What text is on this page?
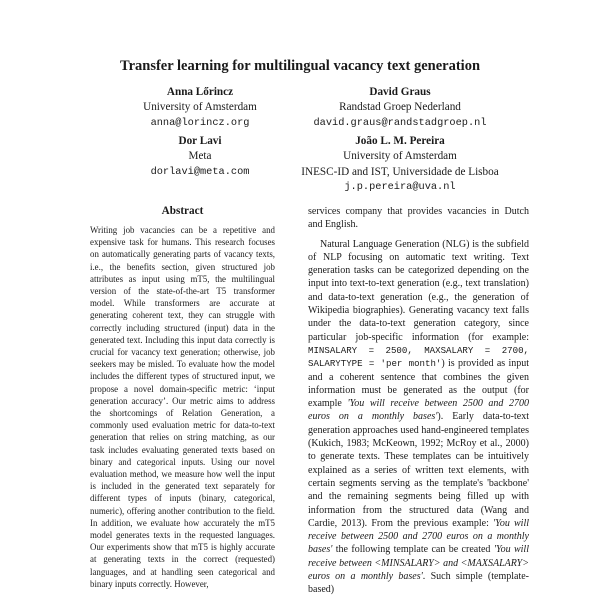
Transfer learning for multilingual vacancy text generation
Anna Lőrincz
University of Amsterdam
anna@lorincz.org
David Graus
Randstad Groep Nederland
david.graus@randstadgroep.nl
Dor Lavi
Meta
dorlavi@meta.com
João L. M. Pereira
University of Amsterdam
INESC-ID and IST, Universidade de Lisboa
j.p.pereira@uva.nl
Abstract
Writing job vacancies can be a repetitive and expensive task for humans. This research focuses on automatically generating parts of vacancy texts, i.e., the benefits section, given structured job attributes as input using mT5, the multilingual version of the state-of-the-art T5 transformer model. While transformers are accurate at generating coherent text, they can struggle with correctly including structured (input) data in the generated text. Including this input data correctly is crucial for vacancy text generation; otherwise, job seekers may be misled. To evaluate how the model includes the different types of structured input, we propose a novel domain-specific metric: ‘input generation accuracy’. Our metric aims to address the shortcomings of Relation Generation, a commonly used evaluation metric for data-to-text generation that relies on string matching, as our task includes evaluating generated texts based on binary and categorical inputs. Using our novel evaluation method, we measure how well the input is included in the generated text separately for different types of inputs (binary, categorical, numeric), offering another contribution to the field. In addition, we evaluate how accurately the mT5 model generates texts in the requested languages. Our experiments show that mT5 is highly accurate at generating texts in the correct (requested) languages, and at handling seen categorical and binary inputs correctly. However,

services company that provides vacancies in Dutch and English.

Natural Language Generation (NLG) is the subfield of NLP focusing on automatic text writing. Text generation tasks can be categorized depending on the input into text-to-text generation (e.g., text translation) and data-to-text generation (e.g., the generation of Wikipedia biographies). Generating vacancy text falls under the data-to-text generation category, since particular job-specific information (for example: MINSALARY = 2500, MAXSALARY = 2700, SALARYTYPE = 'per month') is provided as input and a coherent sentence that combines the given information must be generated as the output (for example 'You will receive between 2500 and 2700 euros on a monthly bases'). Early data-to-text generation approaches used hand-engineered templates (Kukich, 1983; McKeown, 1992; McRoy et al., 2000) to generate texts. These templates can be intuitively explained as a series of written text elements, with certain segments serving as the template's 'backbone' and the remaining segments being filled up with information from the structured data (Wang and Cardie, 2013). From the previous example: 'You will receive between 2500 and 2700 euros on a monthly bases' the following template can be created 'You will receive between <MINSALARY> and <MAXSALARY> euros on a monthly bases'. Such simple (template-based)
